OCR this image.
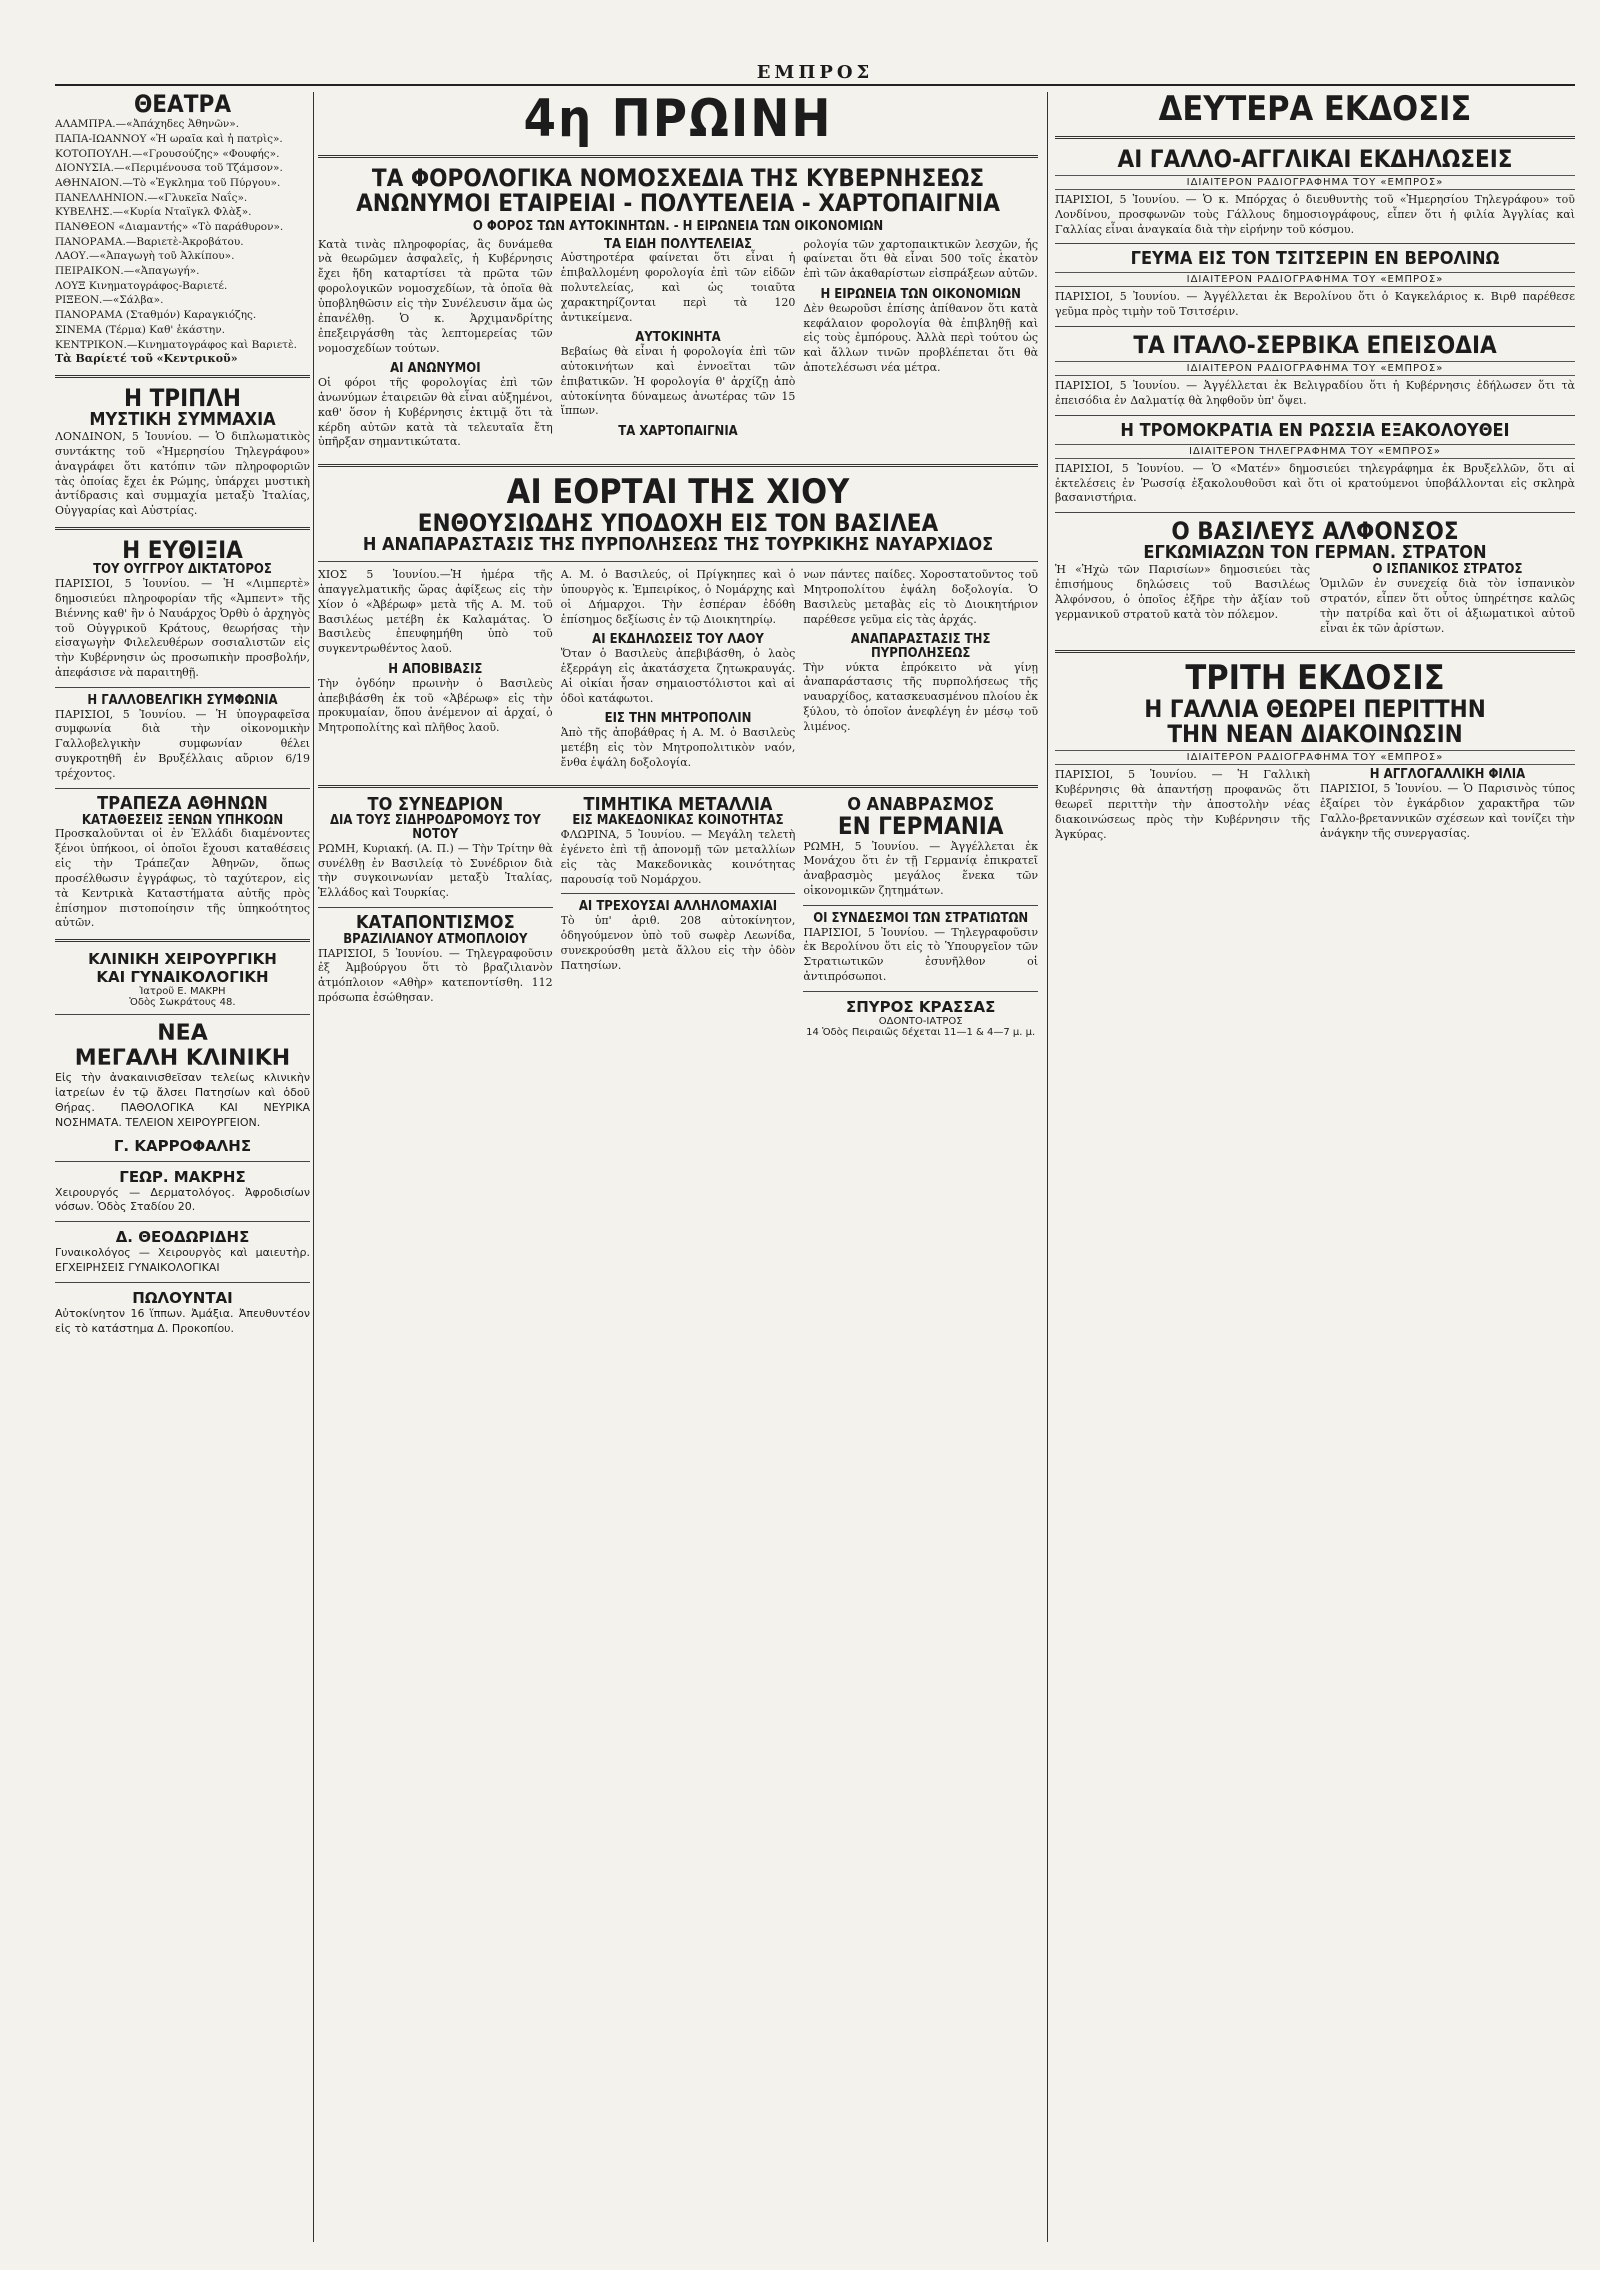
ΕΜΠΡΟΣ
ΘΕΑΤΡΑ
ΑΛΑΜΠΡΑ.—«Ἀπάχηδες Ἀθηνῶν».
ΠΑΠΑ-ΙΩΑΝΝΟΥ «Ἡ ωραῖα καὶ ἡ πατρὶς».
ΚΟΤΟΠΟΥΛΗ.—«Γρουσούζης» «Φουφής».
ΔΙΟΝΥΣΙΑ.—«Περιμένουσα τοῦ Τζάμσον».
ΑΘΗΝΑΙΟΝ.—Τὸ «Ἐγκλημα τοῦ Πύργου».
ΠΑΝΕΛΛΗΝΙΟΝ.—«Γλυκεῖα Ναΐς».
ΚΥΒΕΛΗΣ.—«Κυρία Νταϊγκλ Φλὰξ».
ΠΑΝΘΕΟΝ «Διαμαντής» «Τὸ παράθυρον».
ΠΑΝΟΡΑΜΑ.—Βαριετὲ-Ἀκροβάτου.
ΛΑΟΥ.—«Ἀπαγωγὴ τοῦ Ἀλκίπου».
ΠΕΙΡΑΙΚΟΝ.—«Ἀπαγωγή».
ΛΟΥΞ Κινηματογράφος-Βαριετέ.
ΡΙΞΕΟΝ.—«Σάλβα».
ΠΑΝΟΡΑΜΑ (Σταθμόν) Καραγκιόζης.
ΣΙΝΕΜΑ (Τέρμα) Καθ' ἑκάστην.
ΚΕΝΤΡΙΚΟΝ.—Κινηματογράφος καὶ Βαριετὲ.

Τὰ Βαρίετέ τοῦ «Κεντρικοῦ»

Η ΤΡΙΠΛΗ
ΜΥΣΤΙΚΗ ΣΥΜΜΑΧΙΑ

ΛΟΝΔΙΝΟΝ, 5 Ἰουνίου. — Ὁ διπλωματικὸς συντάκτης τοῦ «Ἡμερησίου Τηλεγράφου» ἀναγράφει ὅτι κατόπιν τῶν πληροφοριῶν τὰς ὁποίας ἔχει ἐκ Ρώμης, ὑπάρχει μυστικὴ ἀντίδρασις καὶ συμμαχία μεταξὺ Ἰταλίας, Οὑγγαρίας καὶ Αὐστρίας.

Η ΕΥΘΙΞΙΑ
ΤΟΥ ΟΥΓΓΡΟΥ ΔΙΚΤΑΤΟΡΟΣ

ΠΑΡΙΣΙΟΙ, 5 Ἰουνίου. — Ἡ «Λιμπερτὲ» δημοσιεύει πληροφορίαν τῆς «Ἀμπεντ» τῆς Βιέννης καθ' ἣν ὁ Ναυάρχος Ὀρθὺ ὁ ἀρχηγὸς τοῦ Οὑγγρικοῦ Κράτους, θεωρήσας τὴν εἰσαγωγὴν Φιλελευθέρων σοσιαλιστῶν εἰς τὴν Κυβέρνησιν ὡς προσωπικὴν προσβολήν, ἀπεφάσισε νὰ παραιτηθῇ.

Η ΓΑΛΛΟΒΕΛΓΙΚΗ ΣΥΜΦΩΝΙΑ

ΠΑΡΙΣΙΟΙ, 5 Ἰουνίου. — Ἡ ὑπογραφεῖσα συμφωνία διὰ τὴν οἰκονομικὴν Γαλλοβελγικὴν συμφωνίαν θέλει συγκροτηθῆ ἐν Βρυξέλλαις αὔριον 6/19 τρέχοντος.

ΤΡΑΠΕΖΑ ΑΘΗΝΩΝ
ΚΑΤΑΘΕΣΕΙΣ ΞΕΝΩΝ ΥΠΗΚΟΩΝ

Προσκαλοῦνται οἱ ἐν Ἑλλάδι διαμένοντες ξένοι ὑπήκοοι, οἱ ὁποῖοι ἔχουσι καταθέσεις εἰς τὴν Τράπεζαν Ἀθηνῶν, ὅπως προσέλθωσιν ἐγγράφως, τὸ ταχύτερον, εἰς τὰ Κεντρικὰ Καταστήματα αὐτῆς πρὸς ἐπίσημον πιστοποίησιν τῆς ὑπηκοότητος αὐτῶν.

ΚΛΙΝΙΚΗ ΧΕΙΡΟΥΡΓΙΚΗ
ΚΑΙ ΓΥΝΑΙΚΟΛΟΓΙΚΗ
Ἰατροῦ Ε. ΜΑΚΡΗ
Ὁδὸς Σωκράτους 48.
ΝΕΑ
ΜΕΓΑΛΗ ΚΛΙΝΙΚΗ

Εἰς τὴν ἀνακαινισθεῖσαν τελείως κλινικὴν ἰατρείων ἐν τῷ ἄλσει Πατησίων καὶ ὁδοῦ Θήρας. ΠΑΘΟΛΟΓΙΚΑ ΚΑΙ ΝΕΥΡΙΚΑ ΝΟΣΗΜΑΤΑ. ΤΕΛΕΙΟΝ ΧΕΙΡΟΥΡΓΕΙΟΝ.

Γ. ΚΑΡΡΟΦΑΛΗΣ
ΓΕΩΡ. ΜΑΚΡΗΣ

Χειρουργός — Δερματολόγος. Ἀφροδισίων νόσων. Ὁδὸς Σταδίου 20.

Δ. ΘΕΟΔΩΡΙΔΗΣ

Γυναικολόγος — Χειρουργὸς καὶ μαιευτὴρ. ΕΓΧΕΙΡΗΣΕΙΣ ΓΥΝΑΙΚΟΛΟΓΙΚΑΙ

ΠΩΛΟΥΝΤΑΙ

Αὐτοκίνητον 16 ἵππων. Ἀμάξια. Ἀπευθυντέον εἰς τὸ κατάστημα Δ. Προκοπίου.

4η ΠΡΩΙΝΗ
ΤΑ ΦΟΡΟΛΟΓΙΚΑ ΝΟΜΟΣΧΕΔΙΑ ΤΗΣ ΚΥΒΕΡΝΗΣΕΩΣ
ΑΝΩΝΥΜΟΙ ΕΤΑΙΡΕΙΑΙ - ΠΟΛΥΤΕΛΕΙΑ - ΧΑΡΤΟΠΑΙΓΝΙΑ
Ο ΦΟΡΟΣ ΤΩΝ ΑΥΤΟΚΙΝΗΤΩΝ. - Η ΕΙΡΩΝΕΙΑ ΤΩΝ ΟΙΚΟΝΟΜΙΩΝ

Κατὰ τινὰς πληροφορίας, ἃς δυνάμεθα νὰ θεωρῶμεν ἀσφαλεῖς, ἡ Κυβέρνησις ἔχει ἤδη καταρτίσει τὰ πρῶτα τῶν φορολογικῶν νομοσχεδίων, τὰ ὁποῖα θὰ ὑποβληθῶσιν εἰς τὴν Συνέλευσιν ἅμα ὡς ἐπανέλθῃ. Ὁ κ. Ἀρχιμανδρίτης ἐπεξειργάσθη τὰς λεπτομερείας τῶν νομοσχεδίων τούτων.

ΑΙ ΑΝΩΝΥΜΟΙ

Οἱ φόροι τῆς φορολογίας ἐπὶ τῶν ἀνωνύμων ἑταιρειῶν θὰ εἶναι αὐξημένοι, καθ' ὅσον ἡ Κυβέρνησις ἐκτιμᾷ ὅτι τὰ κέρδη αὐτῶν κατὰ τὰ τελευταῖα ἔτη ὑπῆρξαν σημαντικώτατα.

ΤΑ ΕΙΔΗ ΠΟΛΥΤΕΛΕΙΑΣ

Αὐστηροτέρα φαίνεται ὅτι εἶναι ἡ ἐπιβαλλομένη φορολογία ἐπὶ τῶν εἰδῶν πολυτελείας, καὶ ὡς τοιαῦτα χαρακτηρίζονται περὶ τὰ 120 ἀντικείμενα.

ΑΥΤΟΚΙΝΗΤΑ

Βεβαίως θὰ εἶναι ἡ φορολογία ἐπὶ τῶν αὐτοκινήτων καὶ ἐννοεῖται τῶν ἐπιβατικῶν. Ἡ φορολογία θ' ἀρχίζῃ ἀπὸ αὐτοκίνητα δύναμεως ἀνωτέρας τῶν 15 ἵππων.

ΤΑ ΧΑΡΤΟΠΑΙΓΝΙΑ

ρολογία τῶν χαρτοπαικτικῶν λεσχῶν, ἧς φαίνεται ὅτι θὰ εἶναι 500 τοῖς ἑκατὸν ἐπὶ τῶν ἀκαθαρίστων εἰσπράξεων αὐτῶν.

Η ΕΙΡΩΝΕΙΑ ΤΩΝ ΟΙΚΟΝΟΜΙΩΝ

Δὲν θεωροῦσι ἐπίσης ἀπίθανον ὅτι κατὰ κεφάλαιον φορολογία θὰ ἐπιβληθῇ καὶ εἰς τοὺς ἐμπόρους. Ἀλλὰ περὶ τούτου ὡς καὶ ἄλλων τινῶν προβλέπεται ὅτι θὰ ἀποτελέσωσι νέα μέτρα.

ΑΙ ΕΟΡΤΑΙ ΤΗΣ ΧΙΟΥ
ΕΝΘΟΥΣΙΩΔΗΣ ΥΠΟΔΟΧΗ ΕΙΣ ΤΟΝ ΒΑΣΙΛΕΑ
Η ΑΝΑΠΑΡΑΣΤΑΣΙΣ ΤΗΣ ΠΥΡΠΟΛΗΣΕΩΣ ΤΗΣ ΤΟΥΡΚΙΚΗΣ ΝΑΥΑΡΧΙΔΟΣ

ΧΙΟΣ 5 Ἰουνίου.—Ἡ ἡμέρα τῆς ἀπαγγελματικῆς ὥρας ἀφίξεως εἰς τὴν Χίον ὁ «Ἀβέρωφ» μετὰ τῆς Α. Μ. τοῦ Βασιλέως μετέβη ἐκ Καλαμάτας. Ὁ Βασιλεὺς ἐπευφημήθη ὑπὸ τοῦ συγκεντρωθέντος λαοῦ.

Η ΑΠΟΒΙΒΑΣΙΣ

Τὴν ὀγδόην πρωινὴν ὁ Βασιλεὺς ἀπεβιβάσθη ἐκ τοῦ «Ἀβέρωφ» εἰς τὴν προκυμαίαν, ὅπου ἀνέμενον αἱ ἀρχαί, ὁ Μητροπολίτης καὶ πλῆθος λαοῦ.

Α. Μ. ὁ Βασιλεύς, οἱ Πρίγκηπες καὶ ὁ ὑπουργὸς κ. Ἐμπειρίκος, ὁ Νομάρχης καὶ οἱ Δήμαρχοι. Τὴν ἑσπέραν ἐδόθη ἐπίσημος δεξίωσις ἐν τῷ Διοικητηρίῳ.

ΑΙ ΕΚΔΗΛΩΣΕΙΣ ΤΟΥ ΛΑΟΥ

Ὅταν ὁ Βασιλεὺς ἀπεβιβάσθη, ὁ λαὸς ἐξερράγη εἰς ἀκατάσχετα ζητωκραυγάς. Αἱ οἰκίαι ἦσαν σημαιοστόλιστοι καὶ αἱ ὁδοὶ κατάφωτοι.

ΕΙΣ ΤΗΝ ΜΗΤΡΟΠΟΛΙΝ

Ἀπὸ τῆς ἀποβάθρας ἡ Α. Μ. ὁ Βασιλεὺς μετέβη εἰς τὸν Μητροπολιτικὸν ναόν, ἔνθα ἐψάλη δοξολογία.

νων πάντες παίδες. Χοροστατοῦντος τοῦ Μητροπολίτου ἐψάλη δοξολογία. Ὁ Βασιλεὺς μεταβὰς εἰς τὸ Διοικητήριον παρέθεσε γεῦμα εἰς τὰς ἀρχάς.

ΑΝΑΠΑΡΑΣΤΑΣΙΣ ΤΗΣ ΠΥΡΠΟΛΗΣΕΩΣ

Τὴν νύκτα ἐπρόκειτο νὰ γίνῃ ἀναπαράστασις τῆς πυρπολήσεως τῆς ναυαρχίδος, κατασκευασμένου πλοίου ἐκ ξύλου, τὸ ὁποῖον ἀνεφλέγη ἐν μέσῳ τοῦ λιμένος.

ΤΟ ΣΥΝΕΔΡΙΟΝ
ΔΙΑ ΤΟΥΣ ΣΙΔΗΡΟΔΡΟΜΟΥΣ ΤΟΥ ΝΟΤΟΥ

ΡΩΜΗ, Κυριακή. (Α. Π.) — Τὴν Τρίτην θὰ συνέλθῃ ἐν Βασιλείᾳ τὸ Συνέδριον διὰ τὴν συγκοινωνίαν μεταξὺ Ἰταλίας, Ἑλλάδος καὶ Τουρκίας.

ΚΑΤΑΠΟΝΤΙΣΜΟΣ
ΒΡΑΖΙΛΙΑΝΟΥ ΑΤΜΟΠΛΟΙΟΥ

ΠΑΡΙΣΙΟΙ, 5 Ἰουνίου. — Τηλεγραφοῦσιν ἐξ Ἀμβούργου ὅτι τὸ βραζιλιανὸν ἀτμόπλοιον «Αθὴρ» κατεποντίσθη. 112 πρόσωπα ἐσώθησαν.

ΤΙΜΗΤΙΚΑ ΜΕΤΑΛΛΙΑ
ΕΙΣ ΜΑΚΕΔΟΝΙΚΑΣ ΚΟΙΝΟΤΗΤΑΣ

ΦΛΩΡΙΝΑ, 5 Ἰουνίου. — Μεγάλη τελετὴ ἐγένετο ἐπὶ τῇ ἀπονομῇ τῶν μεταλλίων εἰς τὰς Μακεδονικὰς κοινότητας παρουσίᾳ τοῦ Νομάρχου.

ΑΙ ΤΡΕΧΟΥΣΑΙ ΑΛΛΗΛΟΜΑΧΙΑΙ

Τὸ ὑπ' ἀριθ. 208 αὐτοκίνητον, ὁδηγούμενον ὑπὸ τοῦ σωφὲρ Λεωνίδα, συνεκρούσθη μετὰ ἄλλου εἰς τὴν ὁδὸν Πατησίων.

Ο ΑΝΑΒΡΑΣΜΟΣ
ΕΝ ΓΕΡΜΑΝΙΑ

ΡΩΜΗ, 5 Ἰουνίου. — Ἀγγέλλεται ἐκ Μονάχου ὅτι ἐν τῇ Γερμανίᾳ ἐπικρατεῖ ἀναβρασμὸς μεγάλος ἕνεκα τῶν οἰκονομικῶν ζητημάτων.

ΟΙ ΣΥΝΔΕΣΜΟΙ ΤΩΝ ΣΤΡΑΤΙΩΤΩΝ

ΠΑΡΙΣΙΟΙ, 5 Ἰουνίου. — Τηλεγραφοῦσιν ἐκ Βερολίνου ὅτι εἰς τὸ Ὑπουργεῖον τῶν Στρατιωτικῶν ἐσυνῆλθον οἱ ἀντιπρόσωποι.

ΣΠΥΡΟΣ ΚΡΑΣΣΑΣ
ΟΔΟΝΤΟ-ΙΑΤΡΟΣ
14 Ὁδὸς Πειραιῶς δέχεται 11—1 & 4—7 μ. μ.
ΔΕΥΤΕΡΑ ΕΚΔΟΣΙΣ
ΑΙ ΓΑΛΛΟ-ΑΓΓΛΙΚΑΙ ΕΚΔΗΛΩΣΕΙΣ
ΙΔΙΑΙΤΕΡΟΝ ΡΑΔΙΟΓΡΑΦΗΜΑ ΤΟΥ «ΕΜΠΡΟΣ»

ΠΑΡΙΣΙΟΙ, 5 Ἰουνίου. — Ὁ κ. Μπόρχας ὁ διευθυντὴς τοῦ «Ἡμερησίου Τηλεγράφου» τοῦ Λονδίνου, προσφωνῶν τοὺς Γάλλους δημοσιογράφους, εἶπεν ὅτι ἡ φιλία Ἀγγλίας καὶ Γαλλίας εἶναι ἀναγκαία διὰ τὴν εἰρήνην τοῦ κόσμου.

ΓΕΥΜΑ ΕΙΣ ΤΟΝ ΤΣΙΤΣΕΡΙΝ ΕΝ ΒΕΡΟΛΙΝΩ
ΙΔΙΑΙΤΕΡΟΝ ΡΑΔΙΟΓΡΑΦΗΜΑ ΤΟΥ «ΕΜΠΡΟΣ»

ΠΑΡΙΣΙΟΙ, 5 Ἰουνίου. — Ἀγγέλλεται ἐκ Βερολίνου ὅτι ὁ Καγκελάριος κ. Βιρθ παρέθεσε γεῦμα πρὸς τιμὴν τοῦ Τσιτσέριν.

ΤΑ ΙΤΑΛΟ-ΣΕΡΒΙΚΑ ΕΠΕΙΣΟΔΙΑ
ΙΔΙΑΙΤΕΡΟΝ ΡΑΔΙΟΓΡΑΦΗΜΑ ΤΟΥ «ΕΜΠΡΟΣ»

ΠΑΡΙΣΙΟΙ, 5 Ἰουνίου. — Ἀγγέλλεται ἐκ Βελιγραδίου ὅτι ἡ Κυβέρνησις ἐδήλωσεν ὅτι τὰ ἐπεισόδια ἐν Δαλματίᾳ θὰ ληφθοῦν ὑπ' ὄψει.

Η ΤΡΟΜΟΚΡΑΤΙΑ ΕΝ ΡΩΣΣΙΑ ΕΞΑΚΟΛΟΥΘΕΙ
ΙΔΙΑΙΤΕΡΟΝ ΤΗΛΕΓΡΑΦΗΜΑ ΤΟΥ «ΕΜΠΡΟΣ»

ΠΑΡΙΣΙΟΙ, 5 Ἰουνίου. — Ὁ «Ματέν» δημοσιεύει τηλεγράφημα ἐκ Βρυξελλῶν, ὅτι αἱ ἐκτελέσεις ἐν Ῥωσσίᾳ ἐξακολουθοῦσι καὶ ὅτι οἱ κρατούμενοι ὑποβάλλονται εἰς σκληρὰ βασανιστήρια.

Ο ΒΑΣΙΛΕΥΣ ΑΛΦΟΝΣΟΣ
ΕΓΚΩΜΙΑΖΩΝ ΤΟΝ ΓΕΡΜΑΝ. ΣΤΡΑΤΟΝ

Ἡ «Ἠχὼ τῶν Παρισίων» δημοσιεύει τὰς ἐπισήμους δηλώσεις τοῦ Βασιλέως Ἀλφόνσου, ὁ ὁποῖος ἐξῆρε τὴν ἀξίαν τοῦ γερμανικοῦ στρατοῦ κατὰ τὸν πόλεμον.

Ο ΙΣΠΑΝΙΚΟΣ ΣΤΡΑΤΟΣ

Ὁμιλῶν ἐν συνεχείᾳ διὰ τὸν ἰσπανικὸν στρατόν, εἶπεν ὅτι οὗτος ὑπηρέτησε καλῶς τὴν πατρίδα καὶ ὅτι οἱ ἀξιωματικοὶ αὐτοῦ εἶναι ἐκ τῶν ἀρίστων.

ΤΡΙΤΗ ΕΚΔΟΣΙΣ
Η ΓΑΛΛΙΑ ΘΕΩΡΕΙ ΠΕΡΙΤΤΗΝ
ΤΗΝ ΝΕΑΝ ΔΙΑΚΟΙΝΩΣΙΝ
ΙΔΙΑΙΤΕΡΟΝ ΡΑΔΙΟΓΡΑΦΗΜΑ ΤΟΥ «ΕΜΠΡΟΣ»

ΠΑΡΙΣΙΟΙ, 5 Ἰουνίου. — Ἡ Γαλλικὴ Κυβέρνησις θὰ ἀπαντήσῃ προφανῶς ὅτι θεωρεῖ περιττὴν τὴν ἀποστολὴν νέας διακοινώσεως πρὸς τὴν Κυβέρνησιν τῆς Ἀγκύρας.

Η ΑΓΓΛΟΓΑΛΛΙΚΗ ΦΙΛΙΑ

ΠΑΡΙΣΙΟΙ, 5 Ἰουνίου. — Ὁ Παρισινὸς τύπος ἐξαίρει τὸν ἐγκάρδιον χαρακτῆρα τῶν Γαλλο-βρεταννικῶν σχέσεων καὶ τονίζει τὴν ἀνάγκην τῆς συνεργασίας.
